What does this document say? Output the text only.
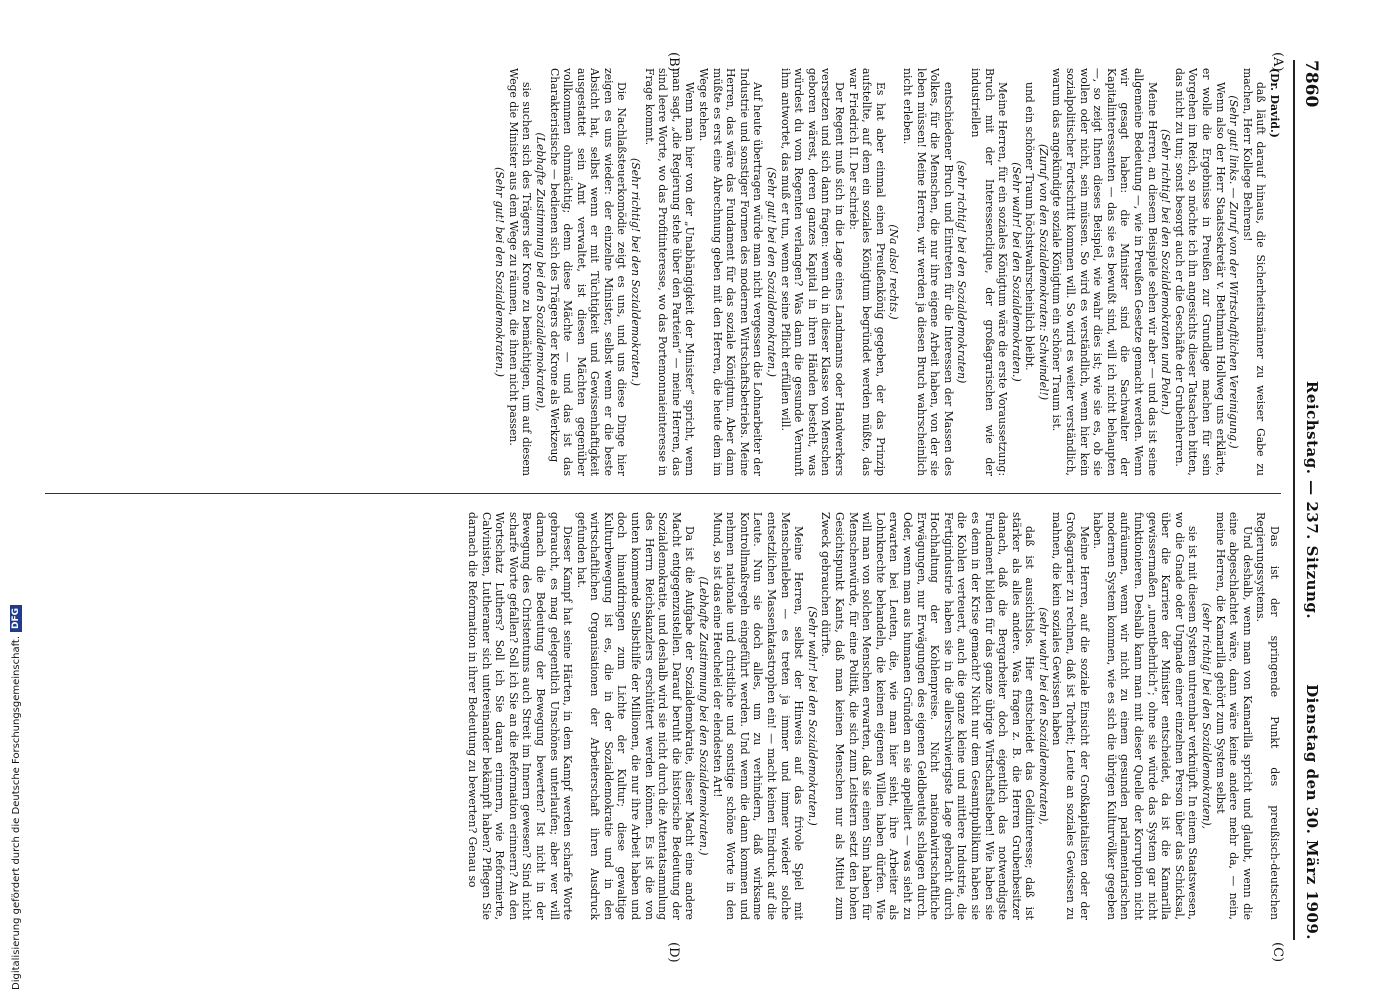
Digitalisierung gefördert durch die Deutsche Forschungsgemeinschaft.
DFG
7860
Reichstag. — 237. Sitzung.
Dienstag den 30. März 1909.
(A)
(B)
(C)
(D)

(Dr. David.)

daß läuft darauf hinaus, die Sicherheitsmänner zu weiser Gabe zu machen, Herr Kollege Behrens!

(Sehr gut! links. — Zuruf von der Wirtschaftlichen Vereinigung.)

Wenn also der Herr Staatssekretär v. Bethmann Hollweg uns erklärte, er wolle die Ergebnisse in Preußen zur Grundlage machen für sein Vorgehen im Reich, so möchte ich ihn angesichts dieser Tatsachen bitten, das nicht zu tun; sonst besorgt auch er die Geschäfte der Grubenherren.

(Sehr richtig! bei den Sozialdemokraten und Polen.)

Meine Herren, an diesem Beispiele sehen wir aber — und das ist seine allgemeine Bedeutung —, wie in Preußen Gesetze gemacht werden. Wenn wir gesagt haben: die Minister sind die Sachwalter der Kapitalinteressenten — das sie es bewußt sind, will ich nicht behaupten —, so zeigt Ihnen dieses Beispiel, wie wahr dies ist; wie sie es, ob sie wollen oder nicht, sein müssen. So wird es verständlich, wenn hier kein sozialpolitischer Fortschritt kommen will. So wird es weiter verständlich, warum das angekündigte soziale Königtum ein schöner Traum ist.

(Zuruf von den Sozialdemokraten: Schwindel!)

und ein schöner Traum höchstwahrscheinlich bleibt.

(Sehr wahr! bei den Sozialdemokraten.)

Meine Herren, für ein soziales Königtum wäre die erste Voraussetzung: Bruch mit der Interessenclique, der großagrarischen wie der industriellen

(sehr richtig! bei den Sozialdemokraten)

entschiedener Bruch und Eintreten für die Interessen der Massen des Volkes, für die Menschen, die nur ihre eigene Arbeit haben, von der sie leben müssen! Meine Herren, wir werden ja diesen Bruch wahrscheinlich nicht erleben.

(Na also! rechts.)

Es hat aber einmal einen Preußenkönig gegeben, der das Prinzip aufstellte, auf dem ein soziales Königtum begründet werden müßte, das war Friedrich II. Der schrieb:

Der Regent muß sich in die Lage eines Landmanns oder Handwerkers versetzen und sich dann fragen: wenn du in dieser Klasse von Menschen geboren wärest, deren ganzes Kapital in ihren Händen besteht, was würdest du vom Regenten verlangen? Was dann die gesunde Vernunft ihm antwortet, das muß er tun, wenn er seine Pflicht erfüllen will.

(Sehr gut! bei den Sozialdemokraten.)

Auf heute übertragen würde man nicht vergessen die Lohnarbeiter der Industrie und sonstiger Formen des modernen Wirtschaftsbetriebs. Meine Herren, das wäre das Fundament für das soziale Königtum. Aber dann müßte es erst eine Abrechnung geben mit den Herren, die heute dem im Wege stehen.

Wenn man hier von der „Unabhängigkeit der Minister“ spricht, wenn man sagt, „die Regierung stehe über den Parteien“ — meine Herren, das sind leere Worte, wo das Profitinteresse, wo das Portemonnaieinteresse in Frage kommt.

(Sehr richtig! bei den Sozialdemokraten.)

Die Nachlaßsteuerkomödie zeigt es uns, und uns diese Dinge hier zeigen es uns wieder: der einzelne Minister, selbst wenn er die beste Absicht hat, selbst wenn er mit Tüchtigkeit und Gewissenhaftigkeit ausgestattet sein Amt verwaltet, ist diesen Mächten gegenüber vollkommen ohnmächtig; denn diese Mächte — und das ist das Charakteristische — bedienen sich des Trägers der Krone als Werkzeug

(Lebhafte Zustimmung bei den Sozialdemokraten),

sie suchen sich des Trägers der Krone zu bemächtigen, um auf diesem Wege die Minister aus dem Wege zu räumen, die ihnen nicht passen.

(Sehr gut! bei den Sozialdemokraten.)

Das ist der springende Punkt des preußisch-deutschen Regierungssystems.

Und deshalb, wenn man von Kamarilla spricht und glaubt, wenn die eine abgeschlachtet wäre, dann wäre keine andere mehr da, — nein, meine Herren, die Kamarilla gehört zum System selbst

(sehr richtig! bei den Sozialdemokraten),

sie ist mit diesem System untrennbar verknüpft. In einem Staatswesen, wo die Gnade oder Ungnade einer einzelnen Person über das Schicksal, über die Karriere der Minister entscheidet, da ist die Kamarilla gewissermaßen „unentbehrlich“; ohne sie würde das System gar nicht funktionieren. Deshalb kann man mit dieser Quelle der Korruption nicht aufräumen, wenn wir nicht zu einem gesunden parlamentarischen modernen System kommen, wie es sich die übrigen Kulturvölker gegeben haben.

Meine Herren, auf die soziale Einsicht der Großkapitalisten oder der Großagrarier zu rechnen, daß ist Torheit; Leute an soziales Gewissen zu mahnen, die kein soziales Gewissen haben

(sehr wahr! bei den Sozialdemokraten),

daß ist aussichtslos. Hier entscheidet das Geldinteresse; daß ist stärker als alles andere. Was fragen z. B. die Herren Grubenbesitzer danach, daß die Bergarbeiter doch eigentlich das notwendigste Fundament bilden für das ganze übrige Wirtschaftsleben! Wie haben sie es denn in der Krise gemacht? Nicht nur dem Gesamtpublikum haben sie die Kohlen verteuert, auch die ganze kleine und mittlere Industrie, die Fertigindustrie haben sie in die allerschwierigste Lage gebracht durch Hochhaltung der Kohlenpreise. Nicht nationalwirtschaftliche Erwägungen, nur Erwägungen des eigenen Geldbeutels schlagen durch. Oder, wenn man aus humanen Gründen an sie appelliert — was sieht zu erwarten bei Leuten, die, wie man hier sieht, ihre Arbeiter als Lohnknechte behandeln, die keinen eigenen Willen haben dürfen. Wie will man von solchen Menschen erwarten, daß sie einen Sinn haben für Menschenwürde, für eine Politik, die sich zum Leitstern setzt den hohen Gesichtspunkt Kants, daß man keinen Menschen nur als Mittel zum Zweck gebrauchen dürfte.

(Sehr wahr! bei den Sozialdemokraten.)

Meine Herren, selbst der Hinweis auf das frivole Spiel mit Menschenleben — es treten ja immer und immer wieder solche entsetzlichen Massenkatastrophen ein! — macht keinen Eindruck auf die Leute. Nun sie doch alles, um zu verhindern, daß wirksame Kontrollmaßregeln eingeführt werden. Und wenn die dann kommen und nehmen nationale und christliche und sonstige schöne Worte in den Mund, so ist das eine Heuchelei der elendesten Art!

(Lebhafte Zustimmung bei den Sozialdemokraten.)

Da ist die Aufgabe der Sozialdemokratie, dieser Macht eine andere Macht entgegenzustellen. Darauf beruht die historische Bedeutung der Sozialdemokratie, und deshalb wird sie nicht durch die Attentatsammlung des Herrn Reichskanzlers erschüttert werden können. Es ist die von unten kommende Selbsthilfe der Millionen, die nur ihre Arbeit haben und doch hinaufdringen zum Lichte der Kultur; diese gewaltige Kulturbewegung ist es, die in der Sozialdemokratie und in den wirtschaftlichen Organisationen der Arbeiterschaft ihren Ausdruck gefunden hat.

Dieser Kampf hat seine Härten, in dem Kampf werden scharfe Worte gebraucht, es mag gelegentlich Unschönes unterlaufen; aber wer will darnach die Bedeutung der Bewegung bewerten? Ist nicht in der Bewegung des Christentums auch Streit im Innern gewesen? Sind nicht scharfe Worte gefallen? Soll ich Sie an die Reformation erinnern? An den Wortschatz Luthers? Soll ich Sie daran erinnern, wie Reformierte, Calvinisten, Lutheraner sich untereinander bekämpft haben? Pflegen Sie darnach die Reformation in ihrer Bedeutung zu bewerten? Genau so
